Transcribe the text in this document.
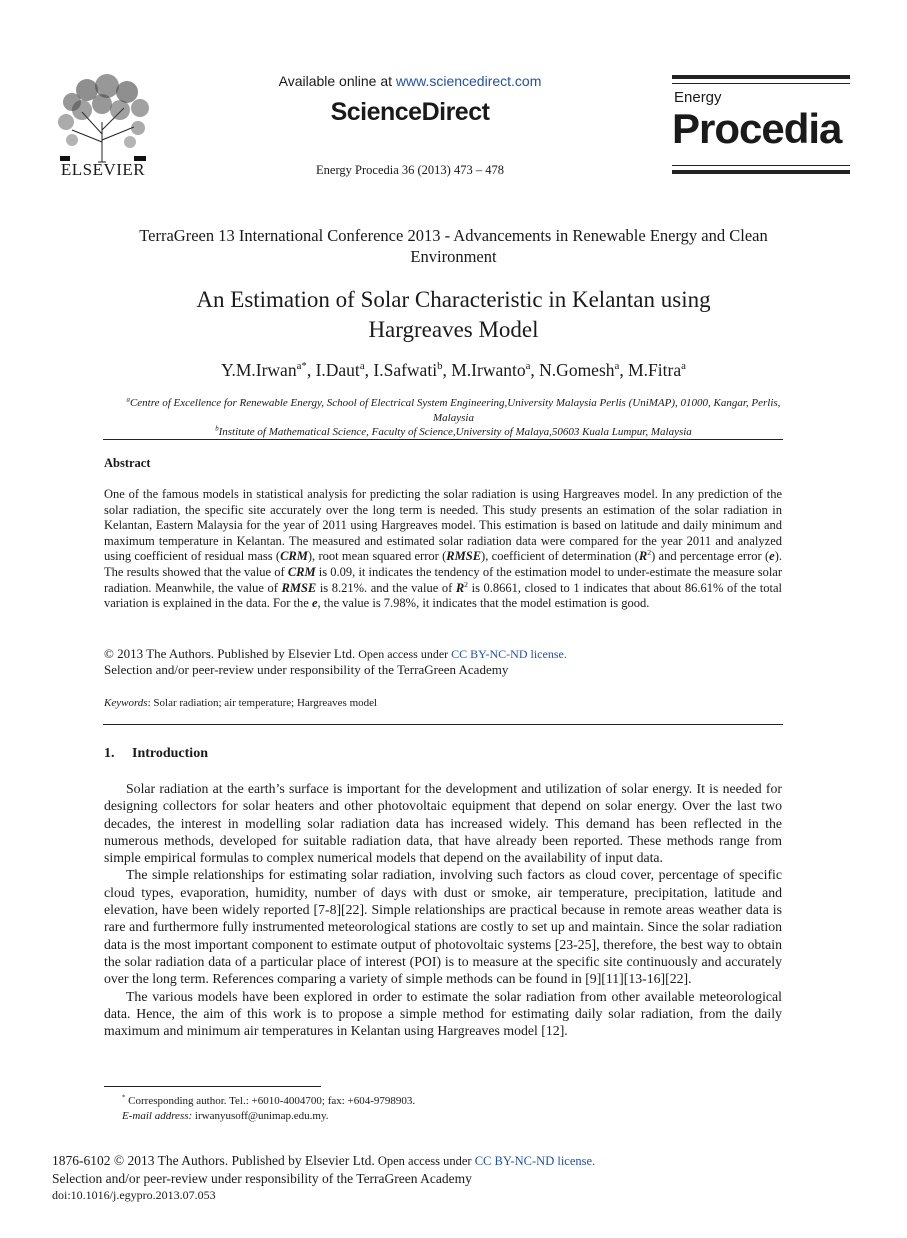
ELSEVIER
Available online at www.sciencedirect.com
ScienceDirect
Energy Procedia 36 (2013) 473 – 478
Energy
Procedia
TerraGreen 13 International Conference 2013 - Advancements in Renewable Energy and Clean Environment
An Estimation of Solar Characteristic in Kelantan using Hargreaves Model
Y.M.Irwan$^{a*}$, I.Daut$^a$, I.Safwati$^b$, M.Irwanto$^a$, N.Gomesh$^a$, M.Fitra$^a$
$^a$Centre of Excellence for Renewable Energy, School of Electrical System Engineering,University Malaysia Perlis (UniMAP), 01000, Kangar, Perlis, Malaysia
$^b$Institute of Mathematical Science, Faculty of Science,University of Malaya,50603 Kuala Lumpur, Malaysia
Abstract
One of the famous models in statistical analysis for predicting the solar radiation is using Hargreaves model. In any prediction of the solar radiation, the specific site accurately over the long term is needed. This study presents an estimation of the solar radiation in Kelantan, Eastern Malaysia for the year of 2011 using Hargreaves model. This estimation is based on latitude and daily minimum and maximum temperature in Kelantan. The measured and estimated solar radiation data were compared for the year 2011 and analyzed using coefficient of residual mass (CRM), root mean squared error (RMSE), coefficient of determination $(R^2)$ and percentage error (e). The results showed that the value of CRM is 0.09, it indicates the tendency of the estimation model to under-estimate the measure solar radiation. Meanwhile, the value of RMSE is 8.21%. and the value of $R^2$ is 0.8661, closed to 1 indicates that about 86.61% of the total variation is explained in the data. For the e, the value is 7.98%, it indicates that the model estimation is good.
© 2013 The Authors. Published by Elsevier Ltd. Open access under CC BY-NC-ND license.
Selection and/or peer-review under responsibility of the TerraGreen Academy
Keywords: Solar radiation; air temperature; Hargreaves model
1.  Introduction

Solar radiation at the earth’s surface is important for the development and utilization of solar energy. It is needed for designing collectors for solar heaters and other photovoltaic equipment that depend on solar energy. Over the last two decades, the interest in modelling solar radiation data has increased widely. This demand has been reflected in the numerous methods, developed for suitable radiation data, that have already been reported. These methods range from simple empirical formulas to complex numerical models that depend on the availability of input data.

The simple relationships for estimating solar radiation, involving such factors as cloud cover, percentage of specific cloud types, evaporation, humidity, number of days with dust or smoke, air temperature, precipitation, latitude and elevation, have been widely reported [7-8][22]. Simple relationships are practical because in remote areas weather data is rare and furthermore fully instrumented meteorological stations are costly to set up and maintain. Since the solar radiation data is the most important component to estimate output of photovoltaic systems [23-25], therefore, the best way to obtain the solar radiation data of a particular place of interest (POI) is to measure at the specific site continuously and accurately over the long term. References comparing a variety of simple methods can be found in [9][11][13-16][22].

The various models have been explored in order to estimate the solar radiation from other available meteorological data. Hence, the aim of this work is to propose a simple method for estimating daily solar radiation, from the daily maximum and minimum air temperatures in Kelantan using Hargreaves model [12].

* Corresponding author. Tel.: +6010-4004700; fax: +604-9798903.
E-mail address: irwanyusoff@unimap.edu.my.
1876-6102 © 2013 The Authors. Published by Elsevier Ltd. Open access under CC BY-NC-ND license.
Selection and/or peer-review under responsibility of the TerraGreen Academy
doi:10.1016/j.egypro.2013.07.053
